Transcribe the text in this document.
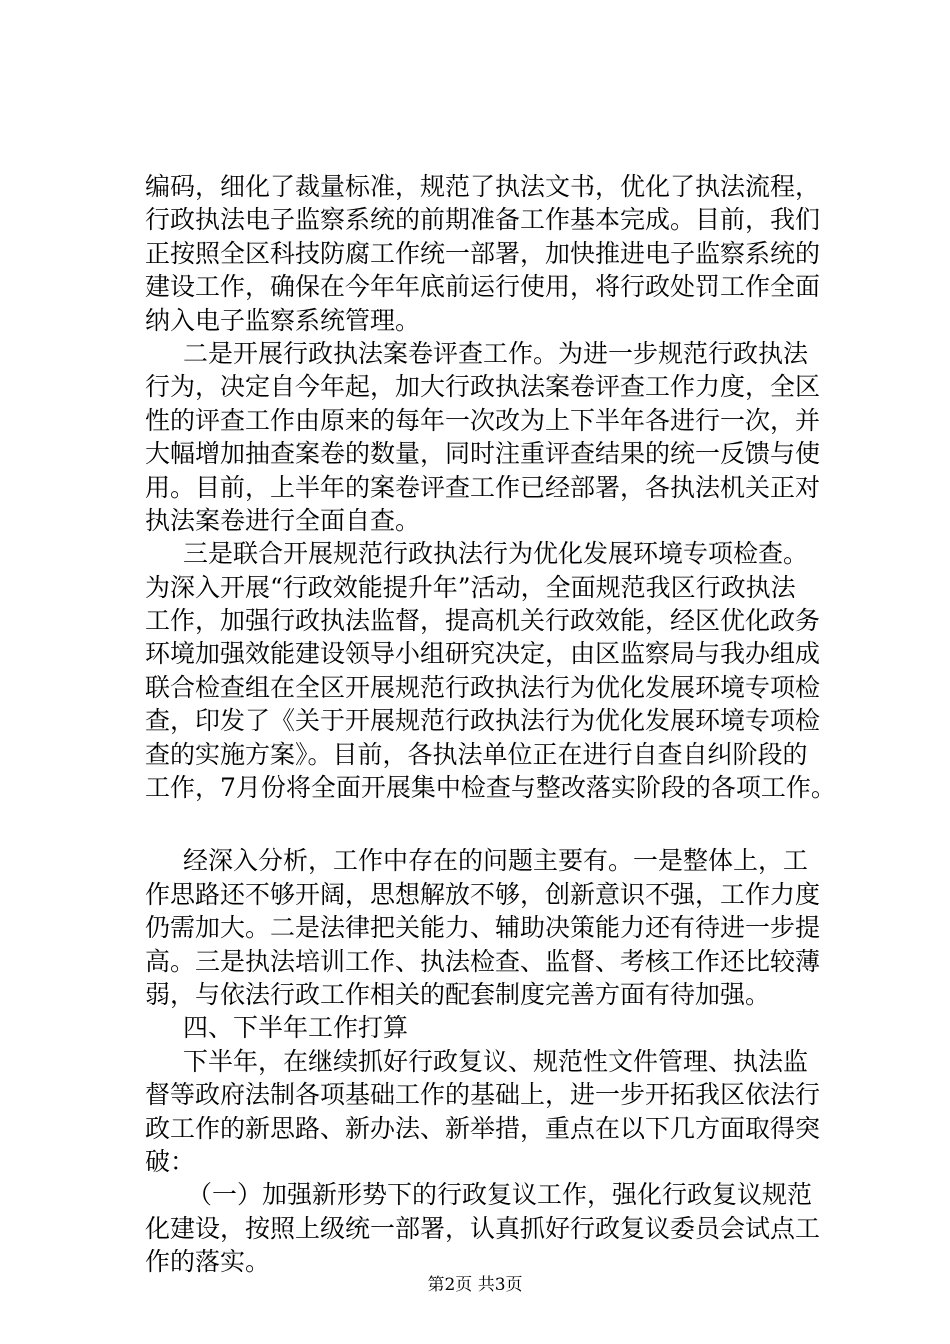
编码，细化了裁量标准，规范了执法文书，优化了执法流程，
行政执法电子监察系统的前期准备工作基本完成。目前，我们
正按照全区科技防腐工作统一部署，加快推进电子监察系统的
建设工作，确保在今年年底前运行使用，将行政处罚工作全面
纳入电子监察系统管理。
二是开展行政执法案卷评查工作。为进一步规范行政执法
行为，决定自今年起，加大行政执法案卷评查工作力度，全区
性的评查工作由原来的每年一次改为上下半年各进行一次，并
大幅增加抽查案卷的数量，同时注重评查结果的统一反馈与使
用。目前，上半年的案卷评查工作已经部署，各执法机关正对
执法案卷进行全面自查。
三是联合开展规范行政执法行为优化发展环境专项检查。
为深入开展“行政效能提升年”活动，全面规范我区行政执法
工作，加强行政执法监督，提高机关行政效能，经区优化政务
环境加强效能建设领导小组研究决定，由区监察局与我办组成
联合检查组在全区开展规范行政执法行为优化发展环境专项检
查，印发了《关于开展规范行政执法行为优化发展环境专项检
查的实施方案》。目前，各执法单位正在进行自查自纠阶段的
工作，7月份将全面开展集中检查与整改落实阶段的各项工作。
经深入分析，工作中存在的问题主要有。一是整体上，工
作思路还不够开阔，思想解放不够，创新意识不强，工作力度
仍需加大。二是法律把关能力、辅助决策能力还有待进一步提
高。三是执法培训工作、执法检查、监督、考核工作还比较薄
弱，与依法行政工作相关的配套制度完善方面有待加强。
四、下半年工作打算
下半年，在继续抓好行政复议、规范性文件管理、执法监
督等政府法制各项基础工作的基础上，进一步开拓我区依法行
政工作的新思路、新办法、新举措，重点在以下几方面取得突
破：
（一）加强新形势下的行政复议工作，强化行政复议规范
化建设，按照上级统一部署，认真抓好行政复议委员会试点工
作的落实。
第2页 共3页
